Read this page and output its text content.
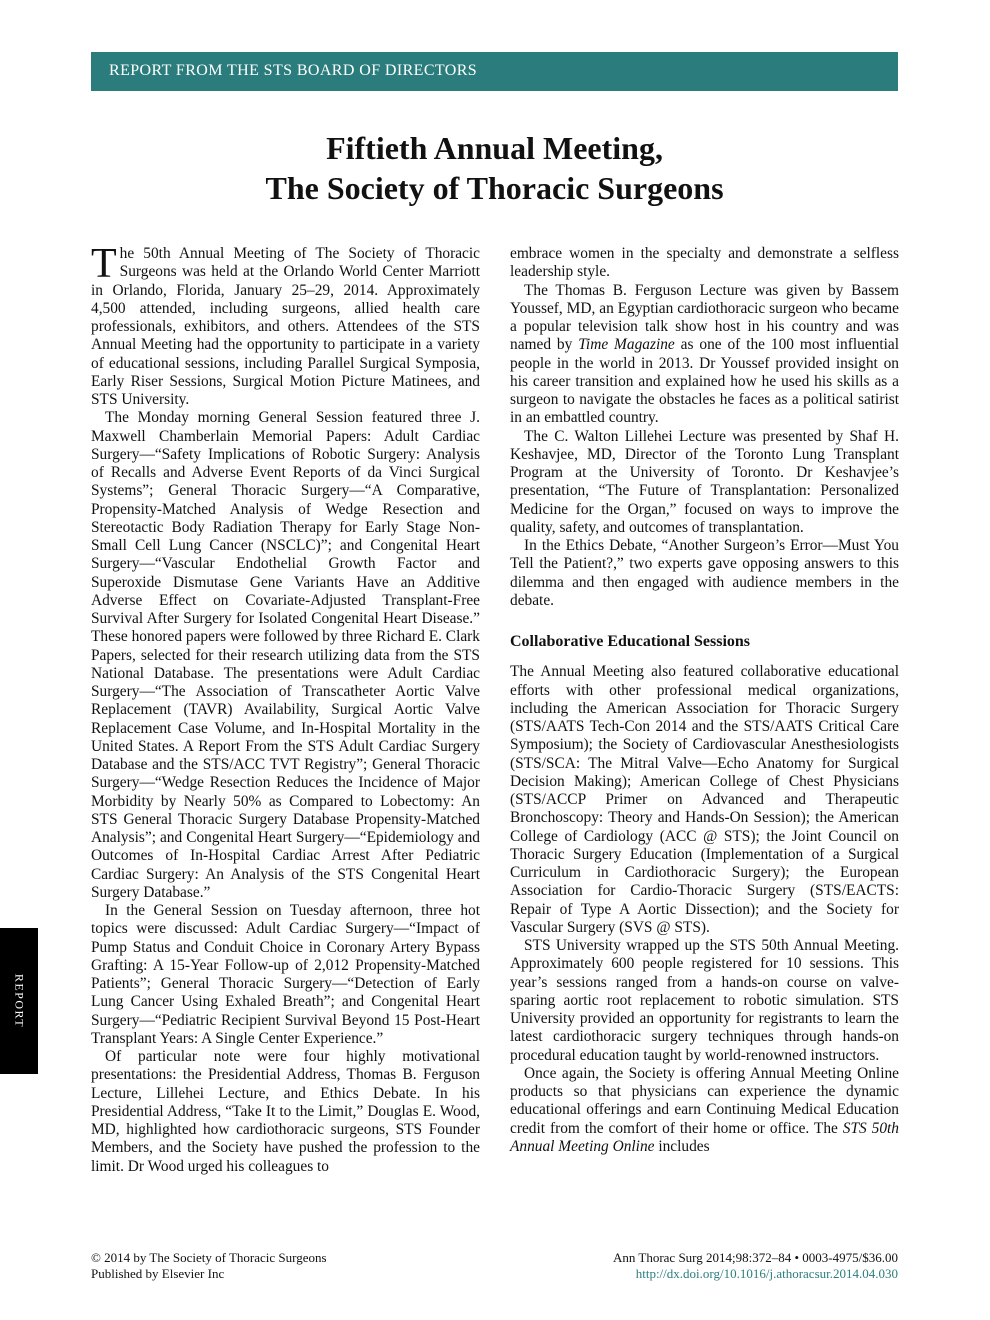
REPORT FROM THE STS BOARD OF DIRECTORS
Fiftieth Annual Meeting,
The Society of Thoracic Surgeons

The 50th Annual Meeting of The Society of Thoracic Surgeons was held at the Orlando World Center Marriott in Orlando, Florida, January 25–29, 2014. Approximately 4,500 attended, including surgeons, allied health care professionals, exhibitors, and others. Attendees of the STS Annual Meeting had the opportunity to participate in a variety of educational sessions, including Parallel Surgical Symposia, Early Riser Sessions, Surgical Motion Picture Matinees, and STS University.

The Monday morning General Session featured three J. Maxwell Chamberlain Memorial Papers: Adult Cardiac Surgery—“Safety Implications of Robotic Surgery: Analysis of Recalls and Adverse Event Reports of da Vinci Surgical Systems”; General Thoracic Surgery—“A Comparative, Propensity-Matched Analysis of Wedge Resection and Stereotactic Body Radiation Therapy for Early Stage Non-Small Cell Lung Cancer (NSCLC)”; and Congenital Heart Surgery—“Vascular Endothelial Growth Factor and Superoxide Dismutase Gene Variants Have an Additive Adverse Effect on Covariate-Adjusted Transplant-Free Survival After Surgery for Isolated Congenital Heart Disease.” These honored papers were followed by three Richard E. Clark Papers, selected for their research utilizing data from the STS National Database. The presentations were Adult Cardiac Surgery—“The Association of Transcatheter Aortic Valve Replacement (TAVR) Availability, Surgical Aortic Valve Replacement Case Volume, and In-Hospital Mortality in the United States. A Report From the STS Adult Cardiac Surgery Database and the STS/ACC TVT Registry”; General Thoracic Surgery—“Wedge Resection Reduces the Incidence of Major Morbidity by Nearly 50% as Compared to Lobectomy: An STS General Thoracic Surgery Database Propensity-Matched Analysis”; and Congenital Heart Surgery—“Epidemiology and Outcomes of In-Hospital Cardiac Arrest After Pediatric Cardiac Surgery: An Analysis of the STS Congenital Heart Surgery Database.”

In the General Session on Tuesday afternoon, three hot topics were discussed: Adult Cardiac Surgery—“Impact of Pump Status and Conduit Choice in Coronary Artery Bypass Grafting: A 15-Year Follow-up of 2,012 Propensity-Matched Patients”; General Thoracic Surgery—“Detection of Early Lung Cancer Using Exhaled Breath”; and Congenital Heart Surgery—“Pediatric Recipient Survival Beyond 15 Post-Heart Transplant Years: A Single Center Experience.”

Of particular note were four highly motivational presentations: the Presidential Address, Thomas B. Ferguson Lecture, Lillehei Lecture, and Ethics Debate. In his Presidential Address, “Take It to the Limit,” Douglas E. Wood, MD, highlighted how cardiothoracic surgeons, STS Founder Members, and the Society have pushed the profession to the limit. Dr Wood urged his colleagues to

embrace women in the specialty and demonstrate a selfless leadership style.

The Thomas B. Ferguson Lecture was given by Bassem Youssef, MD, an Egyptian cardiothoracic surgeon who became a popular television talk show host in his country and was named by Time Magazine as one of the 100 most influential people in the world in 2013. Dr Youssef provided insight on his career transition and explained how he used his skills as a surgeon to navigate the obstacles he faces as a political satirist in an embattled country.

The C. Walton Lillehei Lecture was presented by Shaf H. Keshavjee, MD, Director of the Toronto Lung Transplant Program at the University of Toronto. Dr Keshavjee’s presentation, “The Future of Transplantation: Personalized Medicine for the Organ,” focused on ways to improve the quality, safety, and outcomes of transplantation.

In the Ethics Debate, “Another Surgeon’s Error—Must You Tell the Patient?,” two experts gave opposing answers to this dilemma and then engaged with audience members in the debate.

Collaborative Educational Sessions

The Annual Meeting also featured collaborative educational efforts with other professional medical organizations, including the American Association for Thoracic Surgery (STS/AATS Tech-Con 2014 and the STS/AATS Critical Care Symposium); the Society of Cardiovascular Anesthesiologists (STS/SCA: The Mitral Valve—Echo Anatomy for Surgical Decision Making); American College of Chest Physicians (STS/ACCP Primer on Advanced and Therapeutic Bronchoscopy: Theory and Hands-On Session); the American College of Cardiology (ACC @ STS); the Joint Council on Thoracic Surgery Education (Implementation of a Surgical Curriculum in Cardiothoracic Surgery); the European Association for Cardio-Thoracic Surgery (STS/EACTS: Repair of Type A Aortic Dissection); and the Society for Vascular Surgery (SVS @ STS).

STS University wrapped up the STS 50th Annual Meeting. Approximately 600 people registered for 10 sessions. This year’s sessions ranged from a hands-on course on valve-sparing aortic root replacement to robotic simulation. STS University provided an opportunity for registrants to learn the latest cardiothoracic surgery techniques through hands-on procedural education taught by world-renowned instructors.

Once again, the Society is offering Annual Meeting Online products so that physicians can experience the dynamic educational offerings and earn Continuing Medical Education credit from the comfort of their home or office. The STS 50th Annual Meeting Online includes

REPORT
© 2014 by The Society of Thoracic Surgeons
Published by Elsevier Inc
Ann Thorac Surg 2014;98:372–84 • 0003-4975/$36.00
http://dx.doi.org/10.1016/j.athoracsur.2014.04.030
